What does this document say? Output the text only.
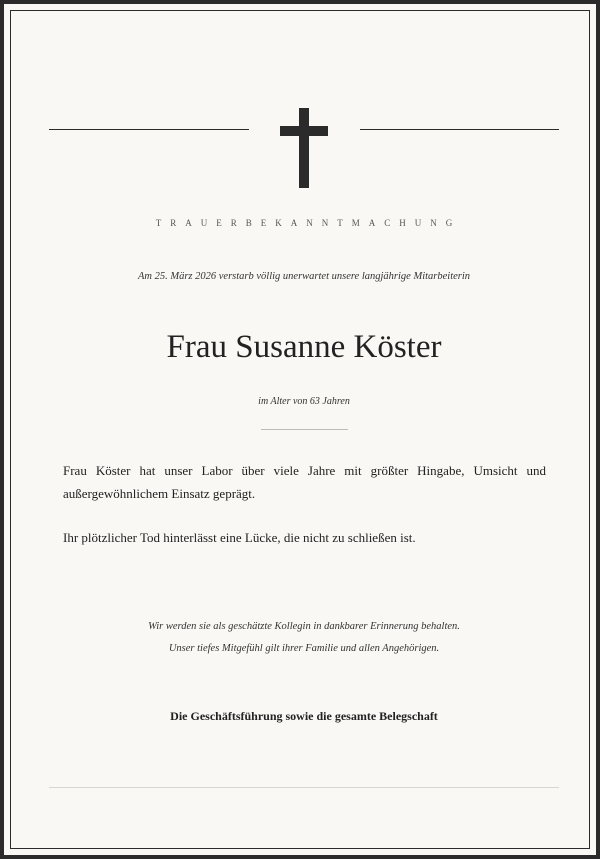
TRAUERBEKANNTMACHUNG
Am 25. März 2026 verstarb völlig unerwartet unsere langjährige Mitarbeiterin
Frau Susanne Köster
im Alter von 63 Jahren
Frau Köster hat unser Labor über viele Jahre mit größter Hingabe, Umsicht und außergewöhnlichem Einsatz geprägt.
Ihr plötzlicher Tod hinterlässt eine Lücke, die nicht zu schließen ist.
Wir werden sie als geschätzte Kollegin in dankbarer Erinnerung behalten.
Unser tiefes Mitgefühl gilt ihrer Familie und allen Angehörigen.
Die Geschäftsführung sowie die gesamte Belegschaft
